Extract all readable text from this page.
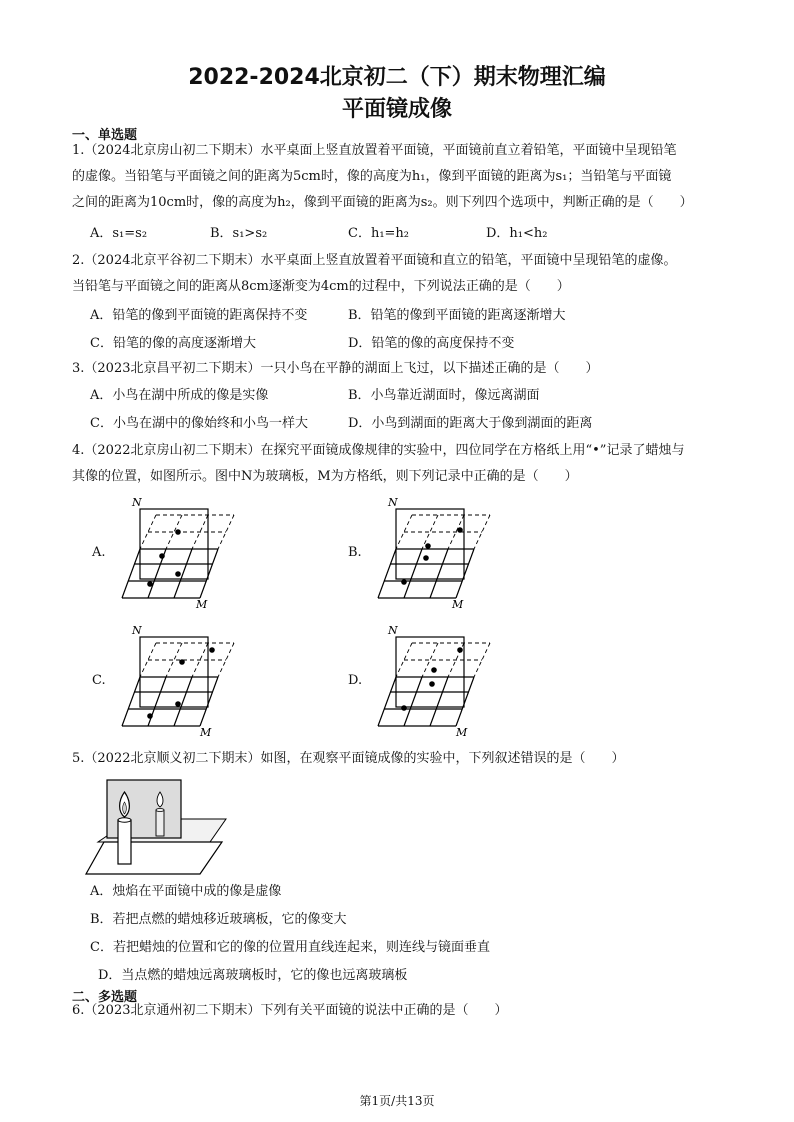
2022-2024北京初二（下）期末物理汇编
平面镜成像
一、单选题
1.（2024北京房山初二下期末）水平桌面上竖直放置着平面镜，平面镜前直立着铅笔，平面镜中呈现铅笔
的虚像。当铅笔与平面镜之间的距离为5cm时，像的高度为h₁，像到平面镜的距离为s₁；当铅笔与平面镜
之间的距离为10cm时，像的高度为h₂，像到平面镜的距离为s₂。则下列四个选项中，判断正确的是（　　）
A．s₁=s₂	B．s₁>s₂	C．h₁=h₂	D．h₁<h₂
2.（2024北京平谷初二下期末）水平桌面上竖直放置着平面镜和直立的铅笔，平面镜中呈现铅笔的虚像。
当铅笔与平面镜之间的距离从8cm逐渐变为4cm的过程中，下列说法正确的是（　　）
A．铅笔的像到平面镜的距离保持不变	B．铅笔的像到平面镜的距离逐渐增大
C．铅笔的像的高度逐渐增大	D．铅笔的像的高度保持不变
3.（2023北京昌平初二下期末）一只小鸟在平静的湖面上飞过，以下描述正确的是（　　）
A．小鸟在湖中所成的像是实像	B．小鸟靠近湖面时，像远离湖面
C．小鸟在湖中的像始终和小鸟一样大	D．小鸟到湖面的距离大于像到湖面的距离
4.（2022北京房山初二下期末）在探究平面镜成像规律的实验中，四位同学在方格纸上用“•”记录了蜡烛与
其像的位置，如图所示。图中N为玻璃板，M为方格纸，则下列记录中正确的是（　　）
A.	B.
C.	D.
N
M
N
M
N
M
N
M
5.（2022北京顺义初二下期末）如图，在观察平面镜成像的实验中，下列叙述错误的是（　　）
A．烛焰在平面镜中成的像是虚像
B．若把点燃的蜡烛移近玻璃板，它的像变大
C．若把蜡烛的位置和它的像的位置用直线连起来，则连线与镜面垂直
D．当点燃的蜡烛远离玻璃板时，它的像也远离玻璃板
二、多选题
6.（2023北京通州初二下期末）下列有关平面镜的说法中正确的是（　　）
第1页/共13页
